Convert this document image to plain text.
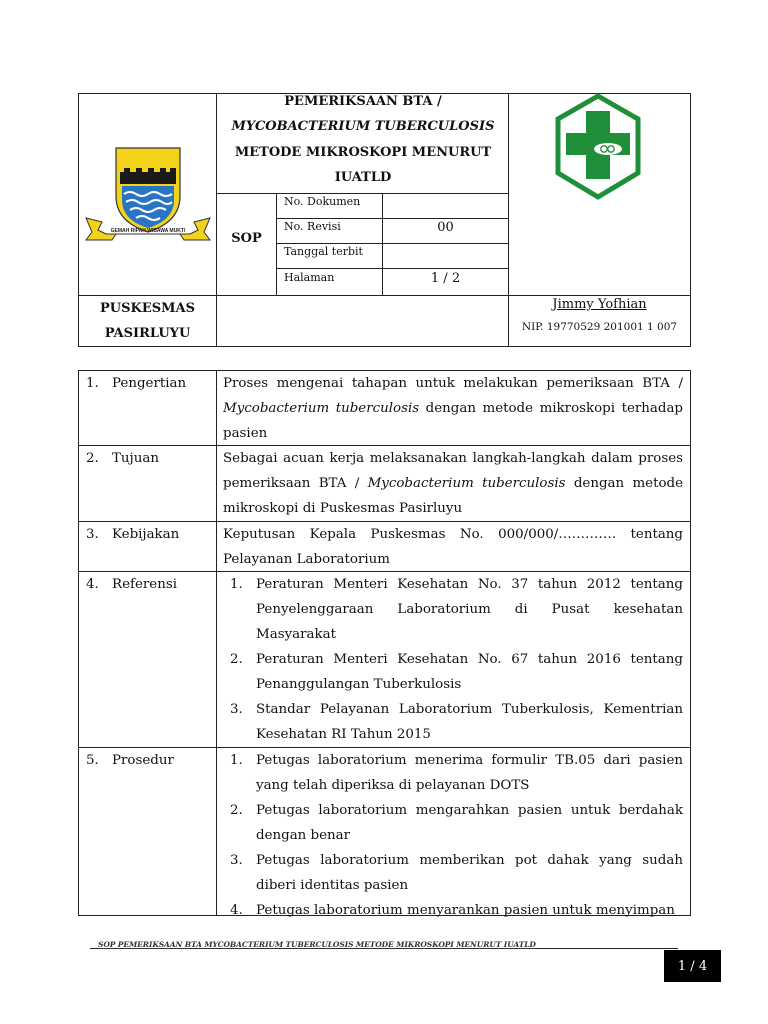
GEMAH RIPAH WIBAWA MUKTI
PEMERIKSAAN BTA /
MYCOBACTERIUM TUBERCULOSIS
METODE MIKROSKOPI MENURUT
IUATLD
SOP
No. Dokumen
No. Revisi	00
Tanggal terbit
Halaman	1 / 2
PUSKESMAS
PASIRLUYU
Jimmy Yofhian
NIP. 19770529 201001 1 007
1. Pengertian	Proses mengenai tahapan untuk melakukan pemeriksaan BTA /
Mycobacterium tuberculosis dengan metode mikroskopi terhadap
pasien
2. Tujuan	Sebagai acuan kerja melaksanakan langkah-langkah dalam proses
pemeriksaan BTA / Mycobacterium tuberculosis dengan metode
mikroskopi di Puskesmas Pasirluyu
3. Kebijakan	Keputusan Kepala Puskesmas No. 000/000/…………. tentang
Pelayanan Laboratorium
4. Referensi	1. Peraturan Menteri Kesehatan No. 37 tahun 2012 tentang
Penyelenggaraan Laboratorium di Pusat kesehatan
Masyarakat
2. Peraturan Menteri Kesehatan No. 67 tahun 2016 tentang
Penanggulangan Tuberkulosis
3. Standar Pelayanan Laboratorium Tuberkulosis, Kementrian
Kesehatan RI Tahun 2015
5. Prosedur	1. Petugas laboratorium menerima formulir TB.05 dari pasien
yang telah diperiksa di pelayanan DOTS
2. Petugas laboratorium mengarahkan pasien untuk berdahak
dengan benar
3. Petugas laboratorium memberikan pot dahak yang sudah
diberi identitas pasien
4. Petugas laboratorium menyarankan pasien untuk menyimpan
SOP PEMERIKSAAN BTA MYCOBACTERIUM TUBERCULOSIS METODE MIKROSKOPI MENURUT IUATLD
1 / 4
